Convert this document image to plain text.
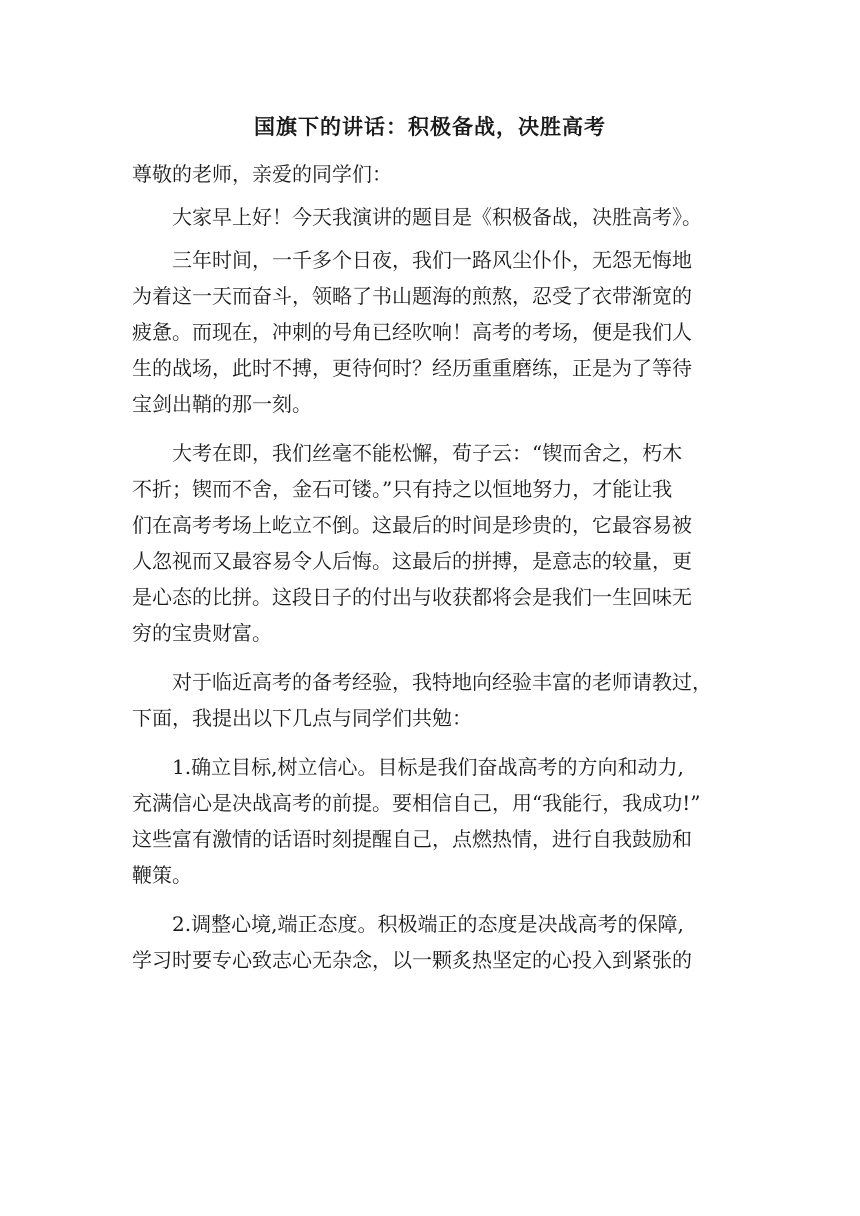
国旗下的讲话：积极备战，决胜高考
尊敬的老师，亲爱的同学们：
大家早上好！今天我演讲的题目是《积极备战，决胜高考》。
三年时间，一千多个日夜，我们一路风尘仆仆，无怨无悔地
为着这一天而奋斗，领略了书山题海的煎熬，忍受了衣带渐宽的
疲惫。而现在，冲刺的号角已经吹响！高考的考场，便是我们人
生的战场，此时不搏，更待何时？经历重重磨练，正是为了等待
宝剑出鞘的那一刻。
大考在即，我们丝毫不能松懈，荀子云：“锲而舍之，朽木
不折；锲而不舍，金石可镂。”只有持之以恒地努力，才能让我
们在高考考场上屹立不倒。这最后的时间是珍贵的，它最容易被
人忽视而又最容易令人后悔。这最后的拼搏，是意志的较量，更
是心态的比拼。这段日子的付出与收获都将会是我们一生回味无
穷的宝贵财富。
对于临近高考的备考经验，我特地向经验丰富的老师请教过，
下面，我提出以下几点与同学们共勉：
1.确立目标,树立信心。目标是我们奋战高考的方向和动力,
充满信心是决战高考的前提。要相信自己，用“我能行，我成功!”
这些富有激情的话语时刻提醒自己，点燃热情，进行自我鼓励和
鞭策。
2.调整心境,端正态度。积极端正的态度是决战高考的保障,
学习时要专心致志心无杂念，以一颗炙热坚定的心投入到紧张的
